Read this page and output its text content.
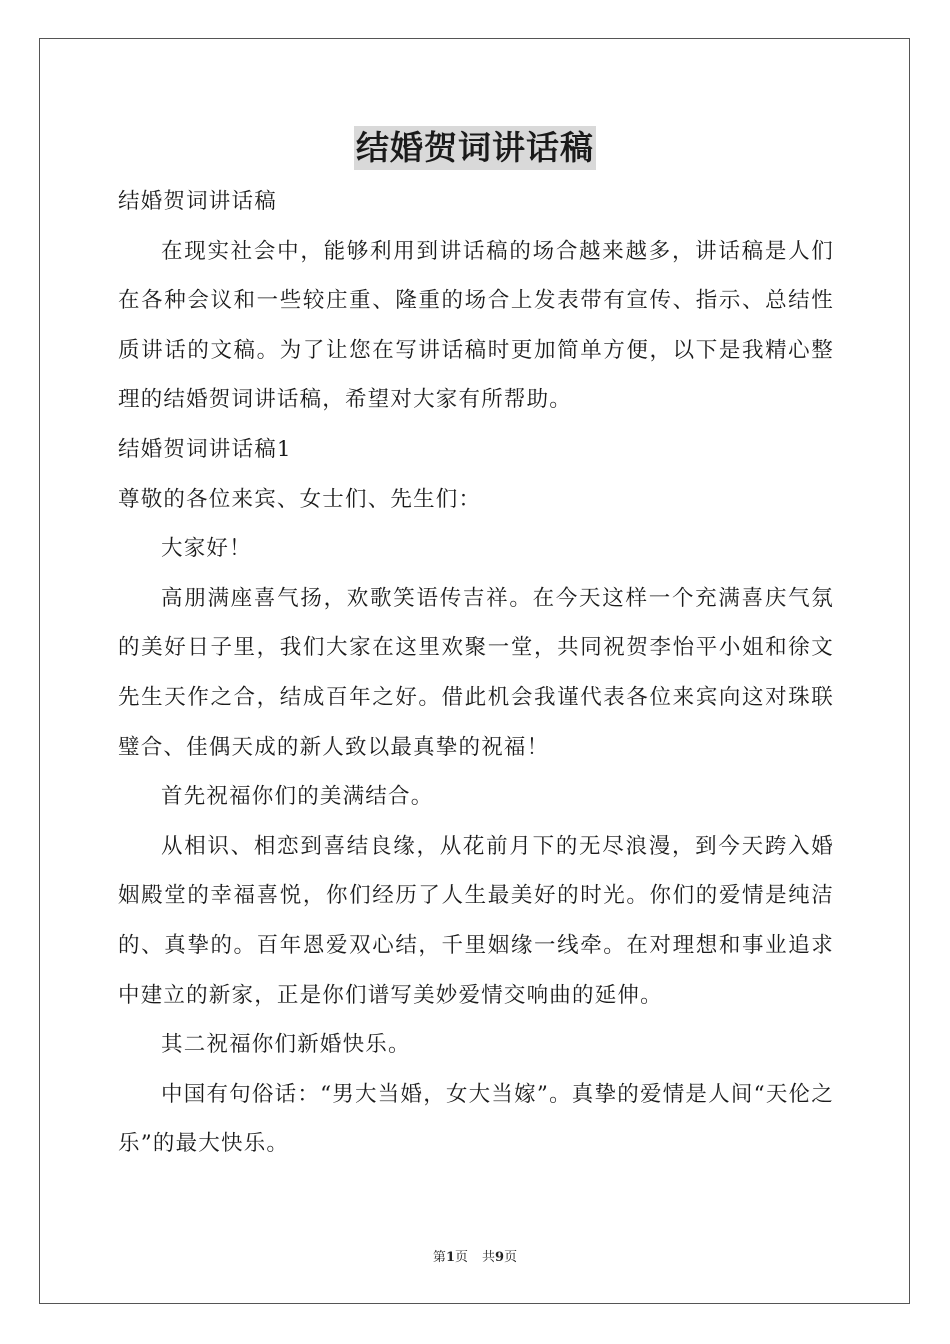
结婚贺词讲话稿

结婚贺词讲话稿

在现实社会中，能够利用到讲话稿的场合越来越多，讲话稿是人们在各种会议和一些较庄重、隆重的场合上发表带有宣传、指示、总结性质讲话的文稿。为了让您在写讲话稿时更加简单方便，以下是我精心整理的结婚贺词讲话稿，希望对大家有所帮助。

结婚贺词讲话稿1

尊敬的各位来宾、女士们、先生们：

大家好！

高朋满座喜气扬，欢歌笑语传吉祥。在今天这样一个充满喜庆气氛的美好日子里，我们大家在这里欢聚一堂，共同祝贺李怡平小姐和徐文先生天作之合，结成百年之好。借此机会我谨代表各位来宾向这对珠联璧合、佳偶天成的新人致以最真挚的祝福！

首先祝福你们的美满结合。

从相识、相恋到喜结良缘，从花前月下的无尽浪漫，到今天跨入婚姻殿堂的幸福喜悦，你们经历了人生最美好的时光。你们的爱情是纯洁的、真挚的。百年恩爱双心结，千里姻缘一线牵。在对理想和事业追求中建立的新家，正是你们谱写美妙爱情交响曲的延伸。

其二祝福你们新婚快乐。

中国有句俗话：“男大当婚，女大当嫁”。真挚的爱情是人间“天伦之乐”的最大快乐。

第1页 共9页
